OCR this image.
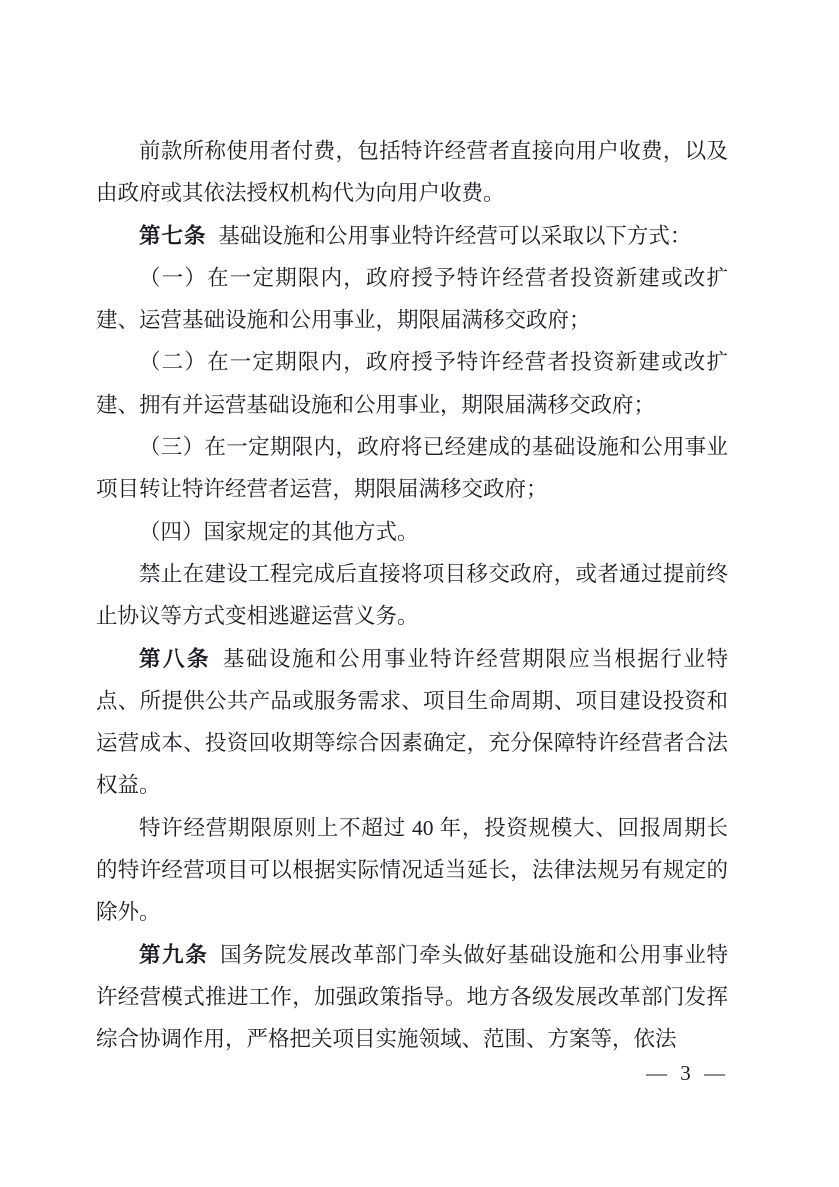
前款所称使用者付费，包括特许经营者直接向用户收费，以及由政府或其依法授权机构代为向用户收费。

第七条 基础设施和公用事业特许经营可以采取以下方式：

（一）在一定期限内，政府授予特许经营者投资新建或改扩建、运营基础设施和公用事业，期限届满移交政府；

（二）在一定期限内，政府授予特许经营者投资新建或改扩建、拥有并运营基础设施和公用事业，期限届满移交政府；

（三）在一定期限内，政府将已经建成的基础设施和公用事业项目转让特许经营者运营，期限届满移交政府；

（四）国家规定的其他方式。

禁止在建设工程完成后直接将项目移交政府，或者通过提前终止协议等方式变相逃避运营义务。

第八条 基础设施和公用事业特许经营期限应当根据行业特点、所提供公共产品或服务需求、项目生命周期、项目建设投资和运营成本、投资回收期等综合因素确定，充分保障特许经营者合法权益。

特许经营期限原则上不超过 40 年，投资规模大、回报周期长的特许经营项目可以根据实际情况适当延长，法律法规另有规定的除外。

第九条 国务院发展改革部门牵头做好基础设施和公用事业特许经营模式推进工作，加强政策指导。地方各级发展改革部门发挥综合协调作用，严格把关项目实施领域、范围、方案等，依法

— 3 —
